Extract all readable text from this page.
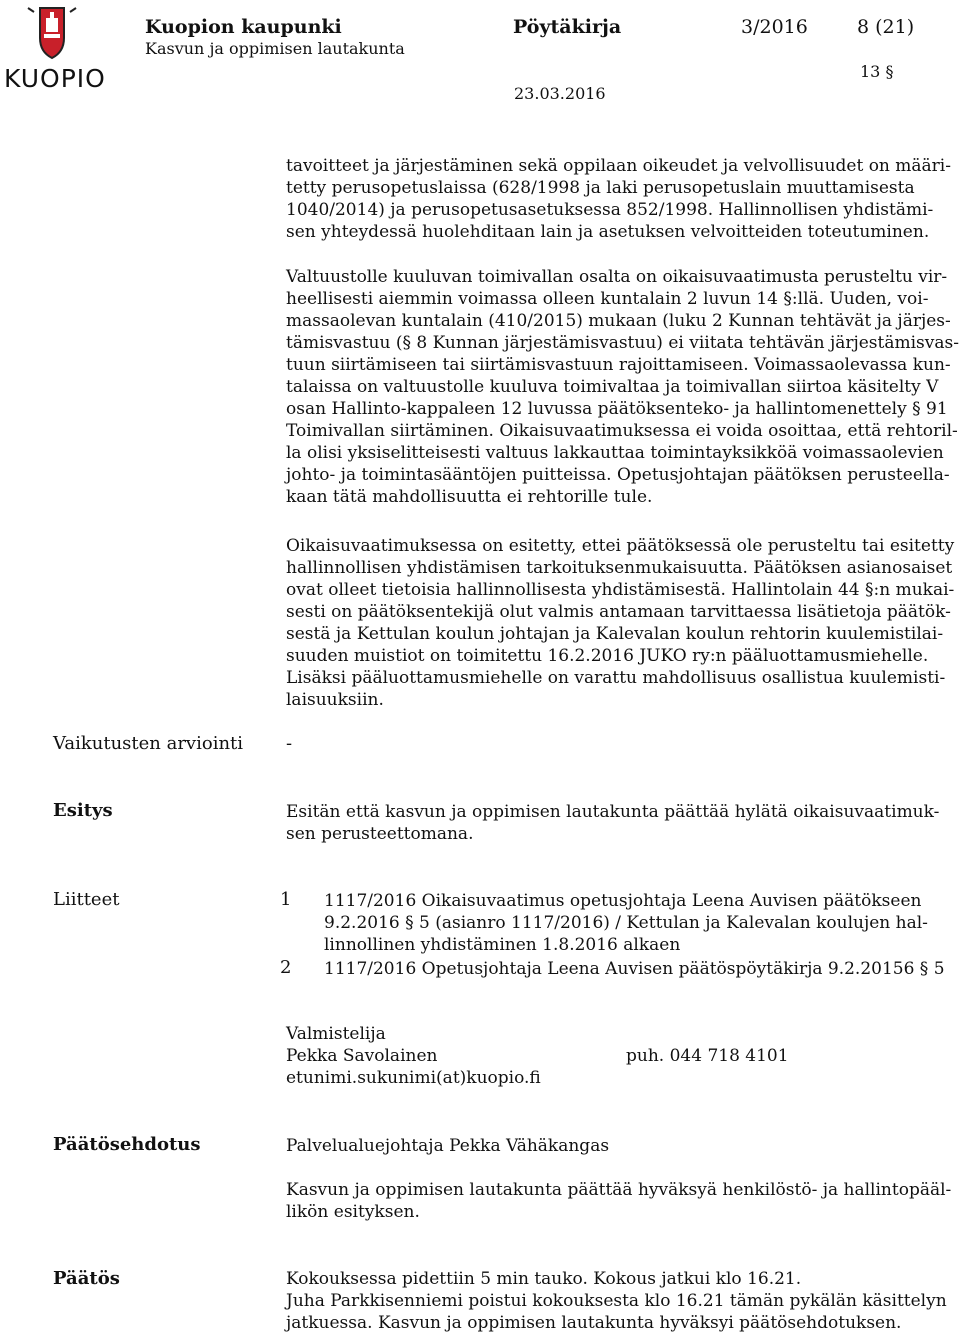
KUOPIO
Kuopion kaupunki
Kasvun ja oppimisen lautakunta
Pöytäkirja	3/2016	8 (21)
13 §
23.03.2016
tavoitteet ja järjestäminen sekä oppilaan oikeudet ja velvollisuudet on määri-
tetty perusopetuslaissa (628/1998 ja laki perusopetuslain muuttamisesta
1040/2014) ja perusopetusasetuksessa 852/1998. Hallinnollisen yhdistämi-
sen yhteydessä huolehditaan lain ja asetuksen velvoitteiden toteutuminen.
Valtuustolle kuuluvan toimivallan osalta on oikaisuvaatimusta perusteltu vir-
heellisesti aiemmin voimassa olleen kuntalain 2 luvun 14 §:llä. Uuden, voi-
massaolevan kuntalain (410/2015) mukaan (luku 2 Kunnan tehtävät ja järjes-
tämisvastuu (§ 8 Kunnan järjestämisvastuu) ei viitata tehtävän järjestämisvas-
tuun siirtämiseen tai siirtämisvastuun rajoittamiseen. Voimassaolevassa kun-
talaissa on valtuustolle kuuluva toimivaltaa ja toimivallan siirtoa käsitelty V
osan Hallinto-kappaleen 12 luvussa päätöksenteko- ja hallintomenettely § 91
Toimivallan siirtäminen. Oikaisuvaatimuksessa ei voida osoittaa, että rehtoril-
la olisi yksiselitteisesti valtuus lakkauttaa toimintayksikköä voimassaolevien
johto- ja toimintasääntöjen puitteissa. Opetusjohtajan päätöksen perusteella-
kaan tätä mahdollisuutta ei rehtorille tule.
Oikaisuvaatimuksessa on esitetty, ettei päätöksessä ole perusteltu tai esitetty
hallinnollisen yhdistämisen tarkoituksenmukaisuutta. Päätöksen asianosaiset
ovat olleet tietoisia hallinnollisesta yhdistämisestä. Hallintolain 44 §:n mukai-
sesti on päätöksentekijä olut valmis antamaan tarvittaessa lisätietoja päätök-
sestä ja Kettulan koulun johtajan ja Kalevalan koulun rehtorin kuulemistilai-
suuden muistiot on toimitettu 16.2.2016 JUKO ry:n pääluottamusmiehelle.
Lisäksi pääluottamusmiehelle on varattu mahdollisuus osallistua kuulemisti-
laisuuksiin.
Vaikutusten arviointi -
Esitys	Esitän että kasvun ja oppimisen lautakunta päättää hylätä oikaisuvaatimuk-
sen perusteettomana.
Liitteet	1 1117/2016 Oikaisuvaatimus opetusjohtaja Leena Auvisen päätökseen
9.2.2016 § 5 (asianro 1117/2016) / Kettulan ja Kalevalan koulujen hal-
linnollinen yhdistäminen 1.8.2016 alkaen
2 1117/2016 Opetusjohtaja Leena Auvisen päätöspöytäkirja 9.2.20156 § 5
Valmistelija
Pekka Savolainen
etunimi.sukunimi(at)kuopio.fi
puh. 044 718 4101
Päätösehdotus	Palvelualuejohtaja Pekka Vähäkangas
Kasvun ja oppimisen lautakunta päättää hyväksyä henkilöstö- ja hallintopääl-
likön esityksen.
Päätös	Kokouksessa pidettiin 5 min tauko. Kokous jatkui klo 16.21.
Juha Parkkisenniemi poistui kokouksesta klo 16.21 tämän pykälän käsittelyn
jatkuessa. Kasvun ja oppimisen lautakunta hyväksyi päätösehdotuksen.
